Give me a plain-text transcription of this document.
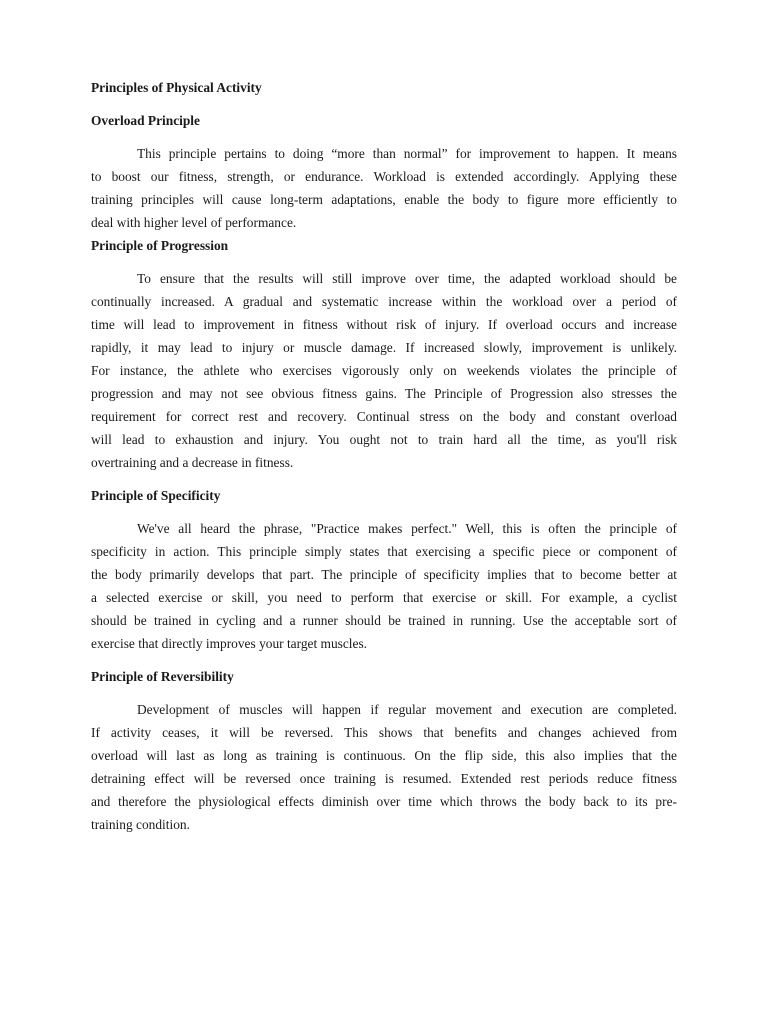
Principles of Physical Activity

Overload Principle

This principle pertains to doing “more than normal” for improvement to happen. It means
to boost our fitness, strength, or endurance. Workload is extended accordingly. Applying these
training principles will cause long-term adaptations, enable the body to figure more efficiently to
deal with higher level of performance.

Principle of Progression

To ensure that the results will still improve over time, the adapted workload should be
continually increased. A gradual and systematic increase within the workload over a period of
time will lead to improvement in fitness without risk of injury. If overload occurs and increase
rapidly, it may lead to injury or muscle damage. If increased slowly, improvement is unlikely.
For instance, the athlete who exercises vigorously only on weekends violates the principle of
progression and may not see obvious fitness gains. The Principle of Progression also stresses the
requirement for correct rest and recovery. Continual stress on the body and constant overload
will lead to exhaustion and injury. You ought not to train hard all the time, as you'll risk
overtraining and a decrease in fitness.

Principle of Specificity

We've all heard the phrase, "Practice makes perfect." Well, this is often the principle of
specificity in action. This principle simply states that exercising a specific piece or component of
the body primarily develops that part. The principle of specificity implies that to become better at
a selected exercise or skill, you need to perform that exercise or skill. For example, a cyclist
should be trained in cycling and a runner should be trained in running. Use the acceptable sort of
exercise that directly improves your target muscles.

Principle of Reversibility

Development of muscles will happen if regular movement and execution are completed.
If activity ceases, it will be reversed. This shows that benefits and changes achieved from
overload will last as long as training is continuous. On the flip side, this also implies that the
detraining effect will be reversed once training is resumed. Extended rest periods reduce fitness
and therefore the physiological effects diminish over time which throws the body back to its pre-
training condition.
